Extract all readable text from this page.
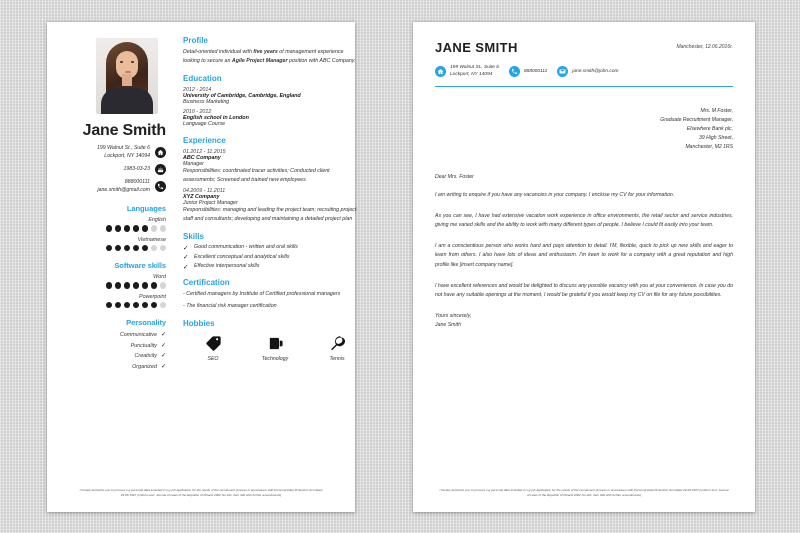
Jane Smith
199 Walnut St., Suite 6
Lockport, NY 14094
1983-03-23
888000111
jane.smith@gmail.com
Languages
English
Vietnamese
Software skills
Word
Powerpoint
Personality
Communicative ✓
Punctuality ✓
Creativity ✓
Organized ✓
Profile

Detail-oriented individual with five years of management experience looking to secure an Agile Project Manager position with ABC Company.

Education
2012 - 2014
University of Cambridge, Cambridge, England
Business Marketing
2010 - 2012
English school in London
Language Course
Experience
01.2012 - 11.2015
ABC Company
Manager
Responsibilities: coordinated tracer activities; Conducted client assessments; Screened and trained new employees
04.2009 - 11.2011
XYZ Company
Junior Project Manager
Responsibilities: managing and leading the project team; recruiting project staff and consultants; developing and maintaining a detailed project plan
Skills
✓ Good communication - written and oral skills
✓ Excellent conceptual and analytical skills
✓ Effective interpersonal skills
Certification
- Certified managers by Institute of Certified professional managers
- The financial risk manager certification
Hobbies
SEO	Technology	Tennis
I hereby authorize you to process my personal data included in my job application for the needs of the recruitment process in accordance with Personal Data Protection Act dated 29.08.1997 (uniform text: Journal of Laws of the Republic of Poland 2002 No 101, item 926 with further amendments)
JANE SMITH	Manchester, 12.06.2016r.
199 Walnut St., Suite 6
Lockport, NY 14094
888000111	jane.smith@john.com
Mrs. M Foster,
Graduate Recruitment Manager,
Elsewhere Bank plc,
39 High Street,
Manchester, M2 1RS
Dear Mrs. Foster

I am writing to enquire if you have any vacancies in your company. I enclose my CV for your information.

As you can see, I have had extensive vacation work experience in office environments, the retail sector and service industries, giving me varied skills and the ability to work with many different types of people. I believe I could fit easily into your team.

I am a conscientious person who works hard and pays attention to detail. I'M, flexible, quick to pick up new skills and eager to learn from others. I also have lots of ideas and enthusiasm. I'm keen to work for a company with a great reputation and high profile like [insert company name].

I have excellent references and would be delighted to discuss any possible vacancy with you at your convenience. In case you do not have any suitable openings at the moment, I would be grateful if you would keep my CV on file for any future possibilities.

Yours sincerely,
Jane Smith
I hereby authorize you to process my personal data included in my job application for the needs of the recruitment process in accordance with Personal Data Protection Act dated 29.08.1997 (uniform text: Journal of Laws of the Republic of Poland 2002 No 101, item 926 with further amendments)
